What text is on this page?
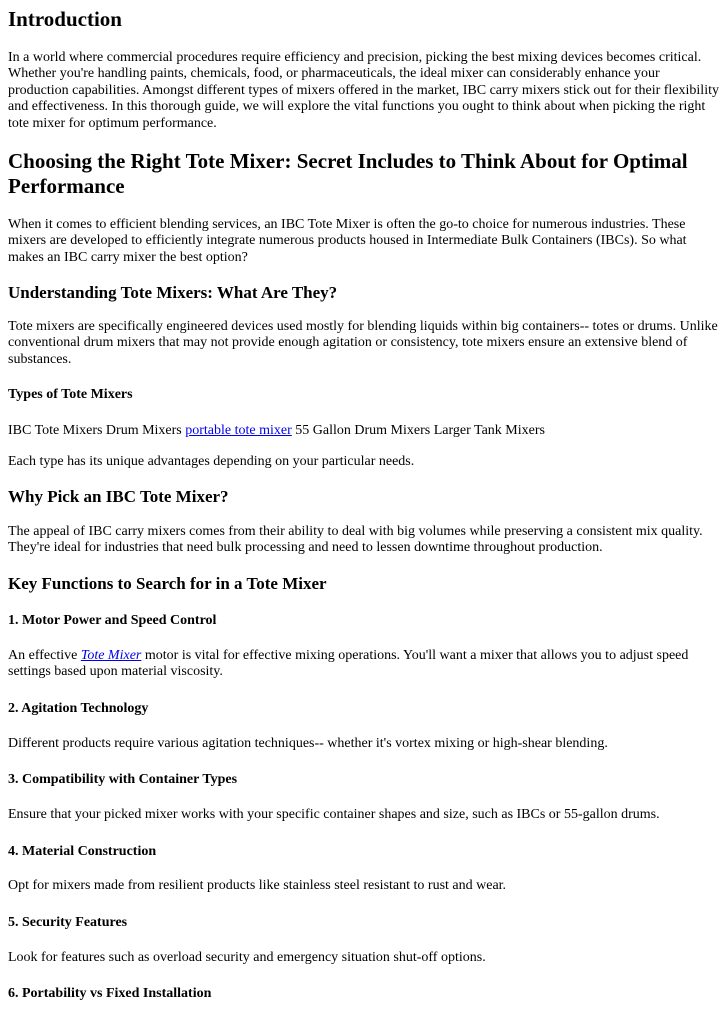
Introduction

In a world where commercial procedures require efficiency and precision, picking the best mixing devices becomes critical. Whether you're handling paints, chemicals, food, or pharmaceuticals, the ideal mixer can considerably enhance your production capabilities. Amongst different types of mixers offered in the market, IBC carry mixers stick out for their flexibility and effectiveness. In this thorough guide, we will explore the vital functions you ought to think about when picking the right tote mixer for optimum performance.

Choosing the Right Tote Mixer: Secret Includes to Think About for Optimal Performance

When it comes to efficient blending services, an IBC Tote Mixer is often the go-to choice for numerous industries. These mixers are developed to efficiently integrate numerous products housed in Intermediate Bulk Containers (IBCs). So what makes an IBC carry mixer the best option?

Understanding Tote Mixers: What Are They?

Tote mixers are specifically engineered devices used mostly for blending liquids within big containers-- totes or drums. Unlike conventional drum mixers that may not provide enough agitation or consistency, tote mixers ensure an extensive blend of substances.

Types of Tote Mixers

IBC Tote Mixers Drum Mixers portable tote mixer 55 Gallon Drum Mixers Larger Tank Mixers

Each type has its unique advantages depending on your particular needs.

Why Pick an IBC Tote Mixer?

The appeal of IBC carry mixers comes from their ability to deal with big volumes while preserving a consistent mix quality. They're ideal for industries that need bulk processing and need to lessen downtime throughout production.

Key Functions to Search for in a Tote Mixer
1. Motor Power and Speed Control

An effective Tote Mixer motor is vital for effective mixing operations. You'll want a mixer that allows you to adjust speed settings based upon material viscosity.

2. Agitation Technology

Different products require various agitation techniques-- whether it's vortex mixing or high-shear blending.

3. Compatibility with Container Types

Ensure that your picked mixer works with your specific container shapes and size, such as IBCs or 55-gallon drums.

4. Material Construction

Opt for mixers made from resilient products like stainless steel resistant to rust and wear.

5. Security Features

Look for features such as overload security and emergency situation shut-off options.

6. Portability vs Fixed Installation
